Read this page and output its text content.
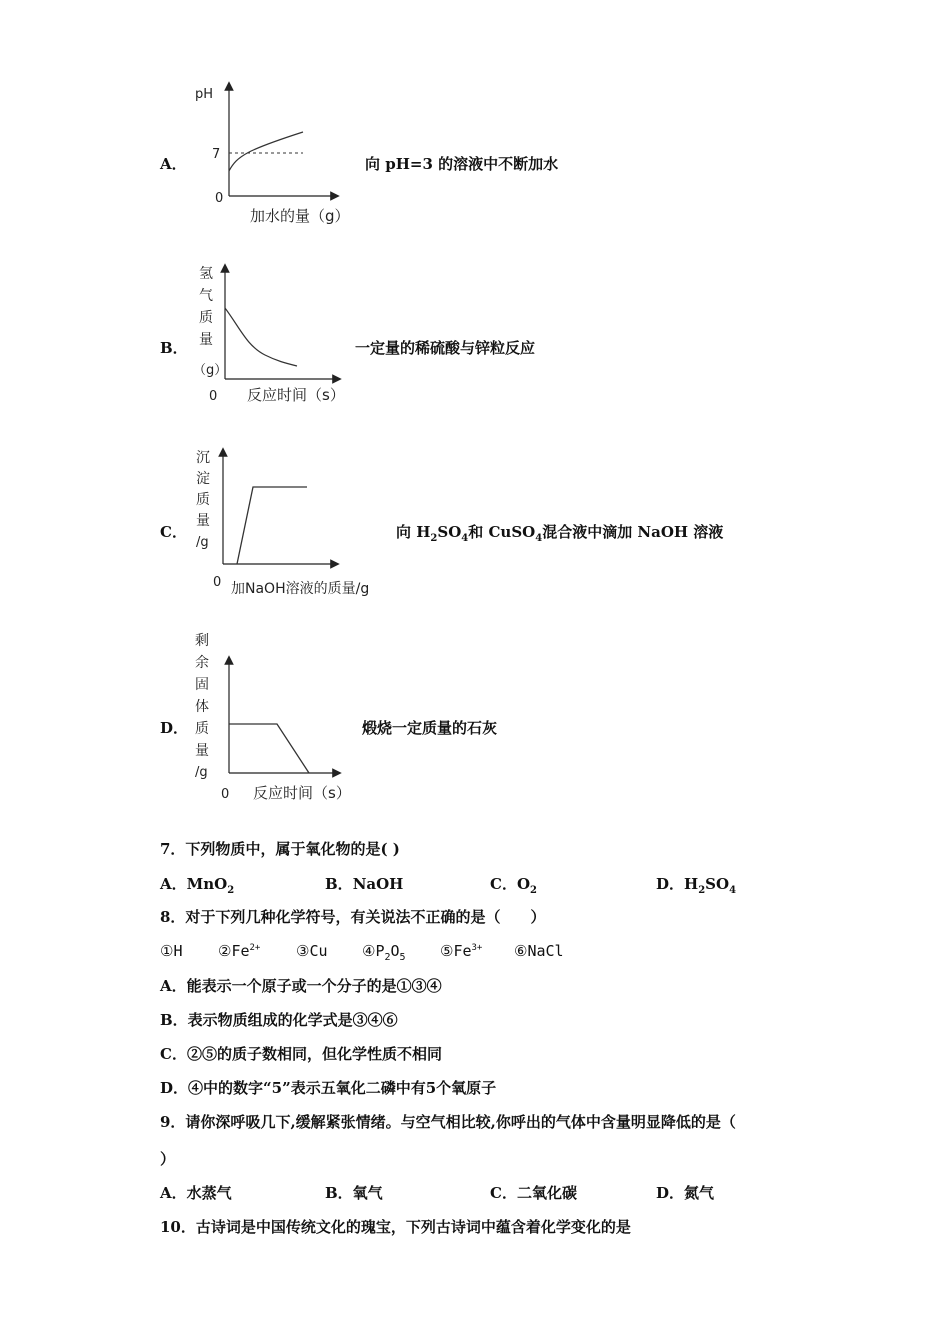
A．
pH
7
0
加水的量（g）
向 pH=3 的溶液中不断加水
B．
氢
气
质
量
（g）
0 反应时间（s）
一定量的稀硫酸与锌粒反应
C．
沉
淀
质
量
/g
0 加NaOH溶液的质量/g
向 $H_2SO_4$和 CuSO$_4$混合液中滴加 NaOH 溶液
D．
剩
余
固
体
质
量
/g
0 反应时间（s）
煅烧一定质量的石灰
7．下列物质中，属于氧化物的是( )
A．MnO$_2$	B．NaOH	C．$O_2$	D．$H_2SO_4$
8．对于下列几种化学符号，有关说法不正确的是（　　）
①H $②Fe^{2+}$ ③Cu $④P_2O_5$ $⑤Fe^{3+}$ ⑥NaCl
A．能表示一个原子或一个分子的是①③④
B．表示物质组成的化学式是③④⑥
C．②⑤的质子数相同，但化学性质不相同
D．④中的数字“5”表示五氧化二磷中有5个氧原子
9．请你深呼吸几下,缓解紧张情绪。与空气相比较,你呼出的气体中含量明显降低的是（
）
A．水蒸气	B．氧气	C．二氧化碳	D．氮气
10．古诗词是中国传统文化的瑰宝，下列古诗词中蕴含着化学变化的是
